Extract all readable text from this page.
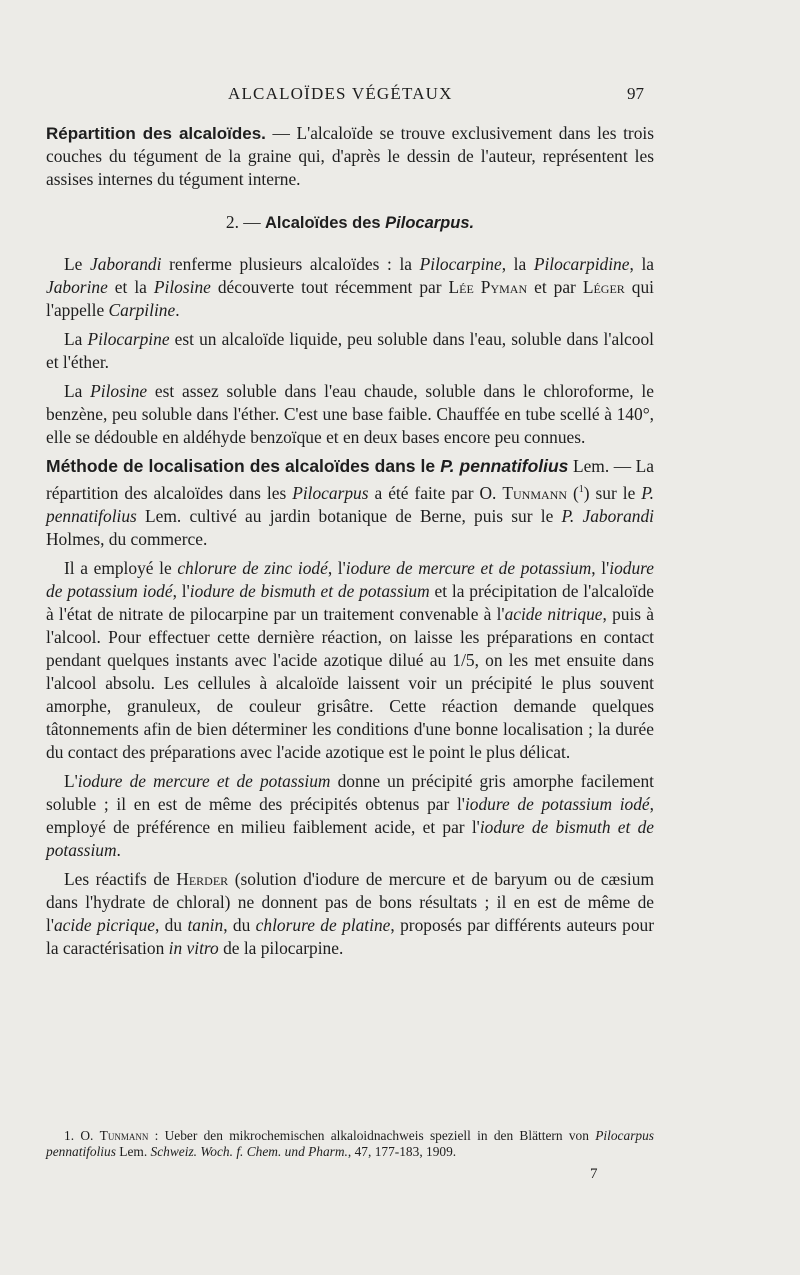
ALCALOÏDES VÉGÉTAUX	97

Répartition des alcaloïdes. — L'alcaloïde se trouve exclusivement dans les trois couches du tégument de la graine qui, d'après le dessin de l'auteur, représentent les assises internes du tégument interne.

2. — Alcaloïdes des Pilocarpus.

Le Jaborandi renferme plusieurs alcaloïdes : la Pilocarpine, la Pilocarpidine, la Jaborine et la Pilosine découverte tout récemment par Lée Pyman et par Léger qui l'appelle Carpiline.

La Pilocarpine est un alcaloïde liquide, peu soluble dans l'eau, soluble dans l'alcool et l'éther.

La Pilosine est assez soluble dans l'eau chaude, soluble dans le chloroforme, le benzène, peu soluble dans l'éther. C'est une base faible. Chauffée en tube scellé à 140°, elle se dédouble en aldéhyde benzoïque et en deux bases encore peu connues.

Méthode de localisation des alcaloïdes dans le P. pennatifolius Lem. — La répartition des alcaloïdes dans les Pilocarpus a été faite par O. Tunmann ($^1$) sur le P. pennatifolius Lem. cultivé au jardin botanique de Berne, puis sur le P. Jaborandi Holmes, du commerce.

Il a employé le chlorure de zinc iodé, l'iodure de mercure et de potassium, l'iodure de potassium iodé, l'iodure de bismuth et de potassium et la précipitation de l'alcaloïde à l'état de nitrate de pilocarpine par un traitement convenable à l'acide nitrique, puis à l'alcool. Pour effectuer cette dernière réaction, on laisse les préparations en contact pendant quelques instants avec l'acide azotique dilué au 1/5, on les met ensuite dans l'alcool absolu. Les cellules à alcaloïde laissent voir un précipité le plus souvent amorphe, granuleux, de couleur grisâtre. Cette réaction demande quelques tâtonnements afin de bien déterminer les conditions d'une bonne localisation ; la durée du contact des préparations avec l'acide azotique est le point le plus délicat.

L'iodure de mercure et de potassium donne un précipité gris amorphe facilement soluble ; il en est de même des précipités obtenus par l'iodure de potassium iodé, employé de préférence en milieu faiblement acide, et par l'iodure de bismuth et de potassium.

Les réactifs de Herder (solution d'iodure de mercure et de baryum ou de cæsium dans l'hydrate de chloral) ne donnent pas de bons résultats ; il en est de même de l'acide picrique, du tanin, du chlorure de platine, proposés par différents auteurs pour la caractérisation in vitro de la pilocarpine.

1. O. Tunmann : Ueber den mikrochemischen alkaloidnachweis speziell in den Blättern von Pilocarpus pennatifolius Lem. Schweiz. Woch. f. Chem. und Pharm., 47, 177-183, 1909.

7
